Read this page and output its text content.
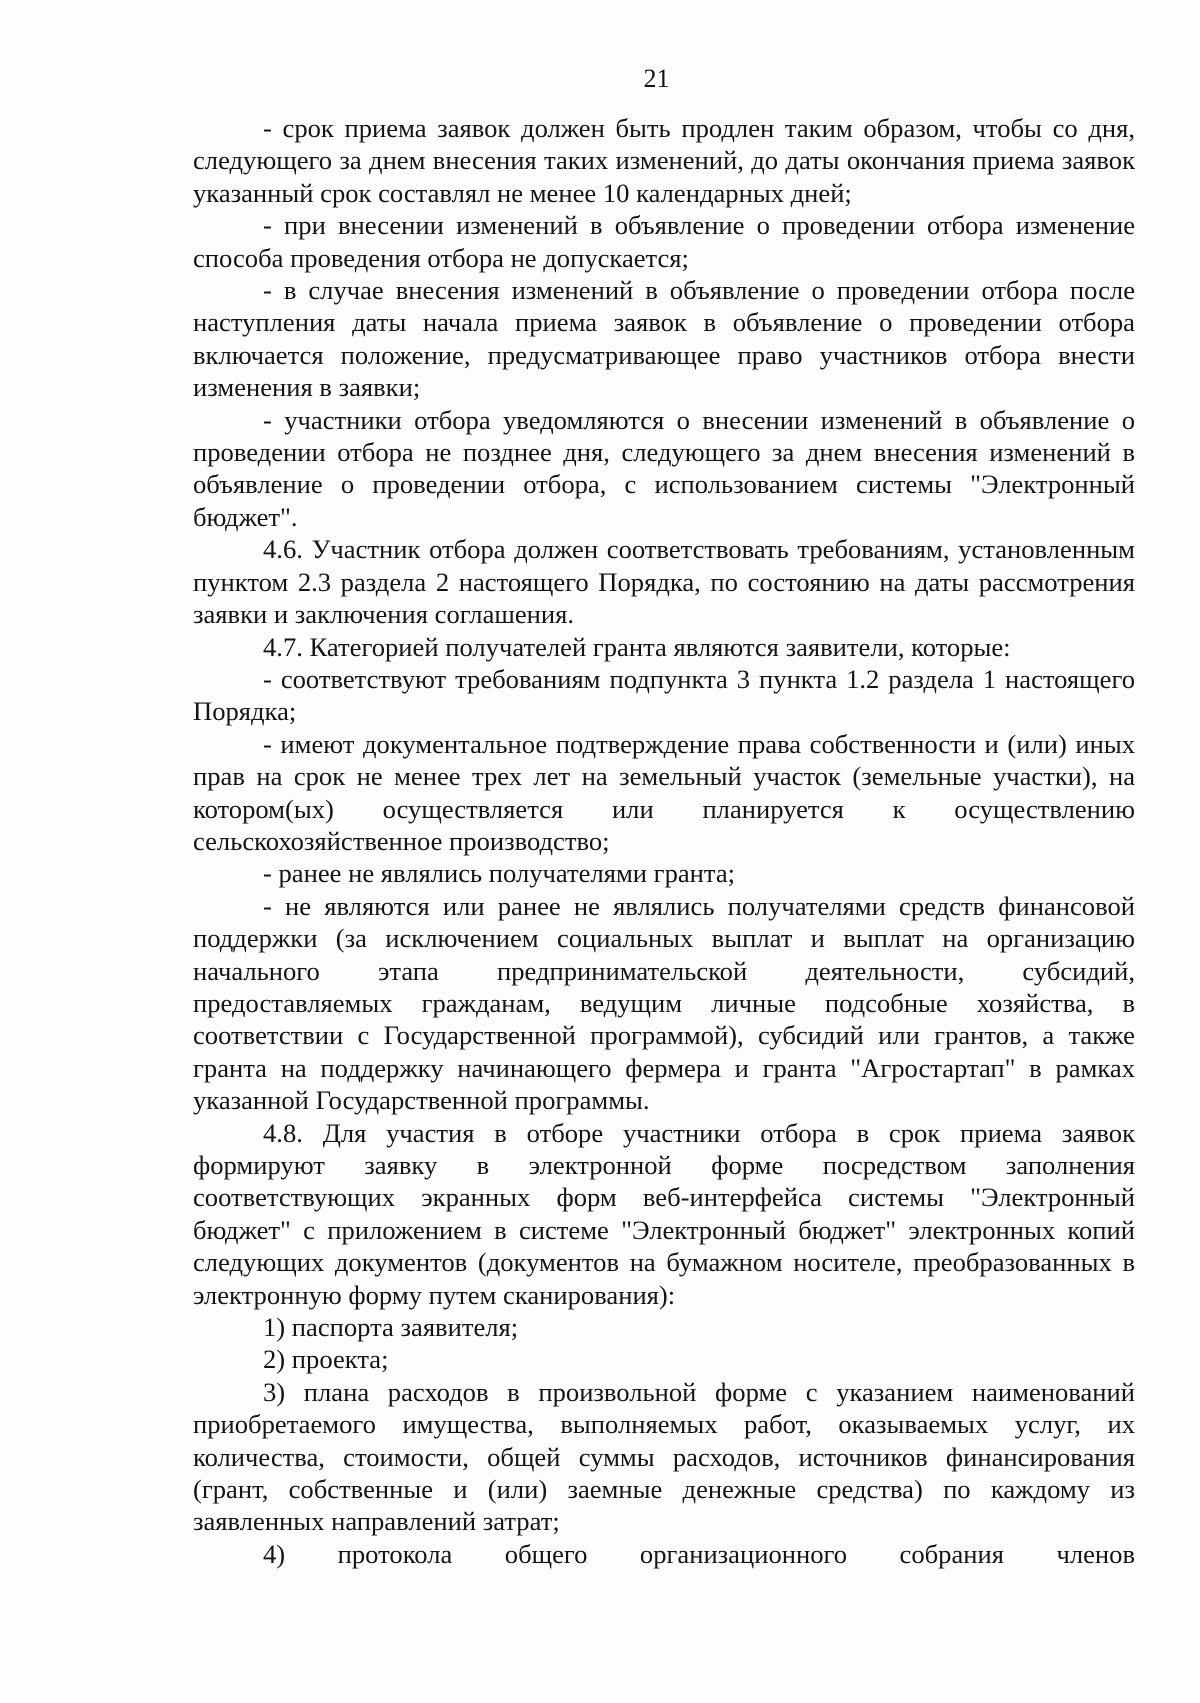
21

- срок приема заявок должен быть продлен таким образом, чтобы со дня, следующего за днем внесения таких изменений, до даты окончания приема заявок указанный срок составлял не менее 10 календарных дней;

- при внесении изменений в объявление о проведении отбора изменение способа проведения отбора не допускается;

- в случае внесения изменений в объявление о проведении отбора после наступления даты начала приема заявок в объявление о проведении отбора включается положение, предусматривающее право участников отбора внести изменения в заявки;

- участники отбора уведомляются о внесении изменений в объявление о проведении отбора не позднее дня, следующего за днем внесения изменений в объявление о проведении отбора, с использованием системы "Электронный бюджет".

4.6. Участник отбора должен соответствовать требованиям, установленным пунктом 2.3 раздела 2 настоящего Порядка, по состоянию на даты рассмотрения заявки и заключения соглашения.

4.7. Категорией получателей гранта являются заявители, которые:

- соответствуют требованиям подпункта 3 пункта 1.2 раздела 1 настоящего Порядка;

- имеют документальное подтверждение права собственности и (или) иных прав на срок не менее трех лет на земельный участок (земельные участки), на котором(ых) осуществляется или планируется к осуществлению сельскохозяйственное производство;

- ранее не являлись получателями гранта;

- не являются или ранее не являлись получателями средств финансовой поддержки (за исключением социальных выплат и выплат на организацию начального этапа предпринимательской деятельности, субсидий, предоставляемых гражданам, ведущим личные подсобные хозяйства, в соответствии с Государственной программой), субсидий или грантов, а также гранта на поддержку начинающего фермера и гранта "Агростартап" в рамках указанной Государственной программы.

4.8. Для участия в отборе участники отбора в срок приема заявок формируют заявку в электронной форме посредством заполнения соответствующих экранных форм веб-интерфейса системы "Электронный бюджет" с приложением в системе "Электронный бюджет" электронных копий следующих документов (документов на бумажном носителе, преобразованных в электронную форму путем сканирования):

1) паспорта заявителя;

2) проекта;

3) плана расходов в произвольной форме с указанием наименований приобретаемого имущества, выполняемых работ, оказываемых услуг, их количества, стоимости, общей суммы расходов, источников финансирования (грант, собственные и (или) заемные денежные средства) по каждому из заявленных направлений затрат;

4) протокола общего организационного собрания членов
